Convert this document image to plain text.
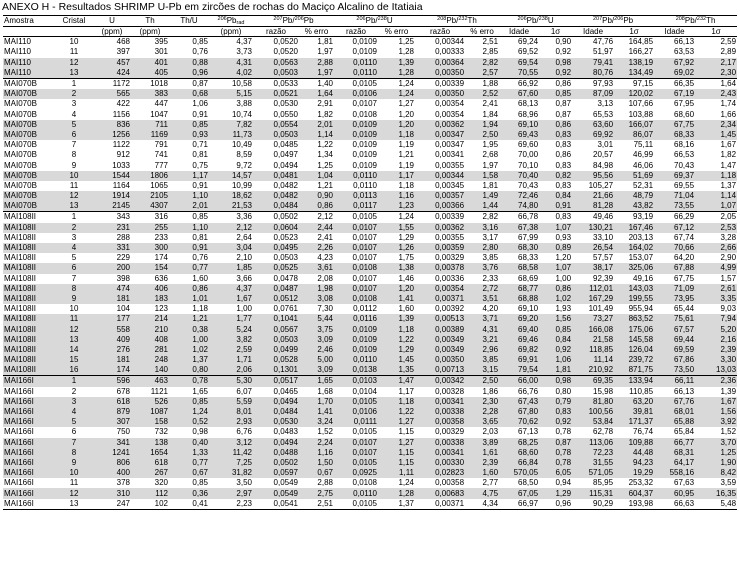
ANEXO H - Resultados SHRIMP U-Pb em zircões de rochas do Maciço Alcalino de Itatiaia
Amostra	Cristal	U	Th	Th/U	$^{206}$Pbrad	$^{207}$Pb/$^{206}$Pb		$^{206}$Pb/$^{238}$U		$^{208}$Pb/$^{232}$Th		$^{206}$Pb/$^{238}$U		$^{207}$Pb/$^{206}$Pb		$^{208}$Pb/$^{232}$Th	
		(ppm)	(ppm)		(ppm)	razão	% erro	razão	% erro	razão	% erro	Idade	1σ	Idade	1σ	Idade	1σ
MAI110	10	468	395	0,85	4,37	0,0520	1,81	0,0109	1,25	0,00344	2,51	69,24	0,90	47,76	164,85	66,13	2,59
MAI110	11	397	301	0,76	3,73	0,0520	1,97	0,0109	1,28	0,00333	2,85	69,52	0,92	51,97	166,27	63,53	2,89
MAI110	12	457	401	0,88	4,31	0,0563	2,88	0,0110	1,39	0,00364	2,82	69,54	0,98	79,41	138,19	67,92	2,17
MAI110	13	424	405	0,96	4,02	0,0503	1,97	0,0110	1,28	0,00350	2,57	70,55	0,92	80,76	134,49	69,02	2,30
MAI070B	1	1172	1018	0,87	10,58	0,0533	1,40	0,0105	1,24	0,00339	1,88	66,92	0,86	97,93	97,15	66,35	1,64
MAI070B	2	565	383	0,68	5,15	0,0521	1,64	0,0106	1,24	0,00350	2,52	67,60	0,85	87,09	120,02	67,19	2,43
MAI070B	3	422	447	1,06	3,88	0,0530	2,91	0,0107	1,27	0,00354	2,41	68,13	0,87	3,13	107,66	67,95	1,74
MAI070B	4	1156	1047	0,91	10,74	0,0550	1,82	0,0108	1,20	0,00354	1,84	68,96	0,87	65,53	103,88	68,60	1,66
MAI070B	5	836	711	0,85	7,82	0,0554	2,01	0,0109	1,20	0,00362	1,94	69,10	0,86	63,60	166,07	67,75	2,34
MAI070B	6	1256	1169	0,93	11,73	0,0503	1,14	0,0109	1,18	0,00347	2,50	69,43	0,83	69,92	86,07	68,33	1,45
MAI070B	7	1122	791	0,71	10,49	0,0485	1,22	0,0109	1,19	0,00347	1,95	69,60	0,83	3,01	75,11	68,16	1,67
MAI070B	8	912	741	0,81	8,59	0,0497	1,34	0,0109	1,21	0,00341	2,68	70,00	0,86	20,57	46,99	66,53	1,82
MAI070B	9	1033	777	0,75	9,72	0,0494	1,25	0,0109	1,19	0,00355	1,97	70,10	0,83	84,98	46,06	70,43	1,47
MAI070B	10	1544	1806	1,17	14,57	0,0481	1,04	0,0110	1,17	0,00344	1,58	70,40	0,82	95,56	51,69	69,37	1,18
MAI070B	11	1164	1065	0,91	10,99	0,0482	1,21	0,0110	1,18	0,00345	1,81	70,43	0,83	105,27	52,31	69,55	1,37
MAI070B	12	1914	2105	1,10	18,62	0,0482	0,90	0,0113	1,16	0,00357	1,49	72,46	0,84	21,66	48,79	71,04	1,14
MAI070B	13	2145	4307	2,01	21,53	0,0484	0,86	0,0117	1,23	0,00366	1,44	74,80	0,91	81,28	43,82	73,55	1,07
MAI108II	1	343	316	0,85	3,36	0,0502	2,12	0,0105	1,24	0,00339	2,82	66,78	0,83	49,46	93,19	66,29	2,05
MAI108II	2	231	255	1,10	2,12	0,0604	2,44	0,0107	1,55	0,00362	3,16	67,38	1,07	130,21	167,46	67,12	2,53
MAI108II	3	288	233	0,81	2,64	0,0523	2,41	0,0107	1,29	0,00355	3,17	67,99	0,93	33,10	203,13	67,74	3,28
MAI108II	4	331	300	0,91	3,04	0,0495	2,26	0,0107	1,26	0,00359	2,80	68,30	0,89	26,54	164,02	70,66	2,66
MAI108II	5	229	174	0,76	2,10	0,0503	4,23	0,0107	1,75	0,00329	3,85	68,33	1,20	57,57	153,07	64,20	2,90
MAI108II	6	200	154	0,77	1,85	0,0525	3,61	0,0108	1,38	0,00378	3,76	68,58	1,07	38,17	325,06	67,88	4,99
MAI108II	7	398	636	1,60	3,66	0,0478	2,08	0,0107	1,46	0,00336	2,33	68,69	1,00	92,39	49,16	67,75	1,57
MAI108II	8	474	406	0,86	4,37	0,0487	1,98	0,0107	1,20	0,00354	2,72	68,77	0,86	112,01	143,03	71,09	2,61
MAI108II	9	181	183	1,01	1,67	0,0512	3,08	0,0108	1,41	0,00371	3,51	68,88	1,02	167,29	199,55	73,95	3,35
MAI108II	10	104	123	1,18	1,00	0,0761	7,30	0,0112	1,60	0,00392	4,20	69,10	1,93	101,49	955,94	65,44	9,03
MAI108II	11	177	214	1,21	1,77	0,1041	5,44	0,0116	1,39	0,00513	3,71	69,20	1,56	73,27	863,52	75,61	7,94
MAI108II	12	558	210	0,38	5,24	0,0567	3,75	0,0109	1,18	0,00389	4,31	69,40	0,85	166,08	175,06	67,57	5,20
MAI108II	13	409	408	1,00	3,82	0,0503	3,09	0,0109	1,22	0,00349	3,21	69,46	0,84	21,58	145,58	69,44	2,16
MAI108II	14	276	281	1,02	2,59	0,0499	2,46	0,0109	1,29	0,00349	2,96	69,82	0,92	118,85	126,04	69,59	2,39
MAI108II	15	181	248	1,37	1,71	0,0528	5,00	0,0110	1,45	0,00350	3,85	69,91	1,06	11,14	239,72	67,86	3,30
MAI108II	16	174	140	0,80	2,06	0,1301	3,09	0,0138	1,35	0,00713	3,15	79,54	1,81	210,92	871,75	73,50	13,03
MAI166I	1	596	463	0,78	5,30	0,0517	1,65	0,0103	1,47	0,00342	2,50	66,00	0,98	69,35	133,94	66,11	2,36
MAI166I	2	678	1121	1,65	6,07	0,0465	1,68	0,0104	1,17	0,00328	1,86	66,76	0,80	15,98	110,85	66,13	1,39
MAI166I	3	618	526	0,85	5,59	0,0494	1,70	0,0105	1,18	0,00341	2,30	67,43	0,79	81,80	63,20	67,76	1,67
MAI166I	4	879	1087	1,24	8,01	0,0484	1,41	0,0106	1,22	0,00338	2,28	67,80	0,83	100,56	39,81	68,01	1,56
MAI166I	5	307	158	0,52	2,93	0,0530	3,24	0,0111	1,27	0,00358	3,65	70,62	0,92	53,84	171,37	65,88	3,92
MAI166I	6	750	732	0,98	6,76	0,0483	1,52	0,0105	1,15	0,00329	2,03	67,13	0,78	62,78	76,74	65,84	1,52
MAI166I	7	341	138	0,40	3,12	0,0494	2,24	0,0107	1,27	0,00338	3,89	68,25	0,87	113,06	109,88	66,77	3,70
MAI166I	8	1241	1654	1,33	11,42	0,0488	1,16	0,0107	1,15	0,00341	1,61	68,60	0,78	72,23	44,48	68,31	1,25
MAI166I	9	806	618	0,77	7,25	0,0502	1,50	0,0105	1,15	0,00330	2,39	66,84	0,78	31,55	94,23	64,17	1,90
MAI166I	10	400	267	0,67	31,82	0,0597	0,67	0,0925	1,11	0,02823	1,60	570,05	6,05	571,05	19,29	558,16	8,42
MAI166I	11	378	320	0,85	3,50	0,0549	2,88	0,0108	1,24	0,00358	2,77	68,50	0,94	85,95	253,32	67,63	3,59
MAI166I	12	310	112	0,36	2,97	0,0549	2,75	0,0110	1,28	0,00683	4,75	67,05	1,29	115,31	604,37	60,95	16,35
MAI166I	13	247	102	0,41	2,23	0,0541	2,51	0,0105	1,37	0,00371	4,34	66,97	0,96	90,29	193,98	66,63	5,48
